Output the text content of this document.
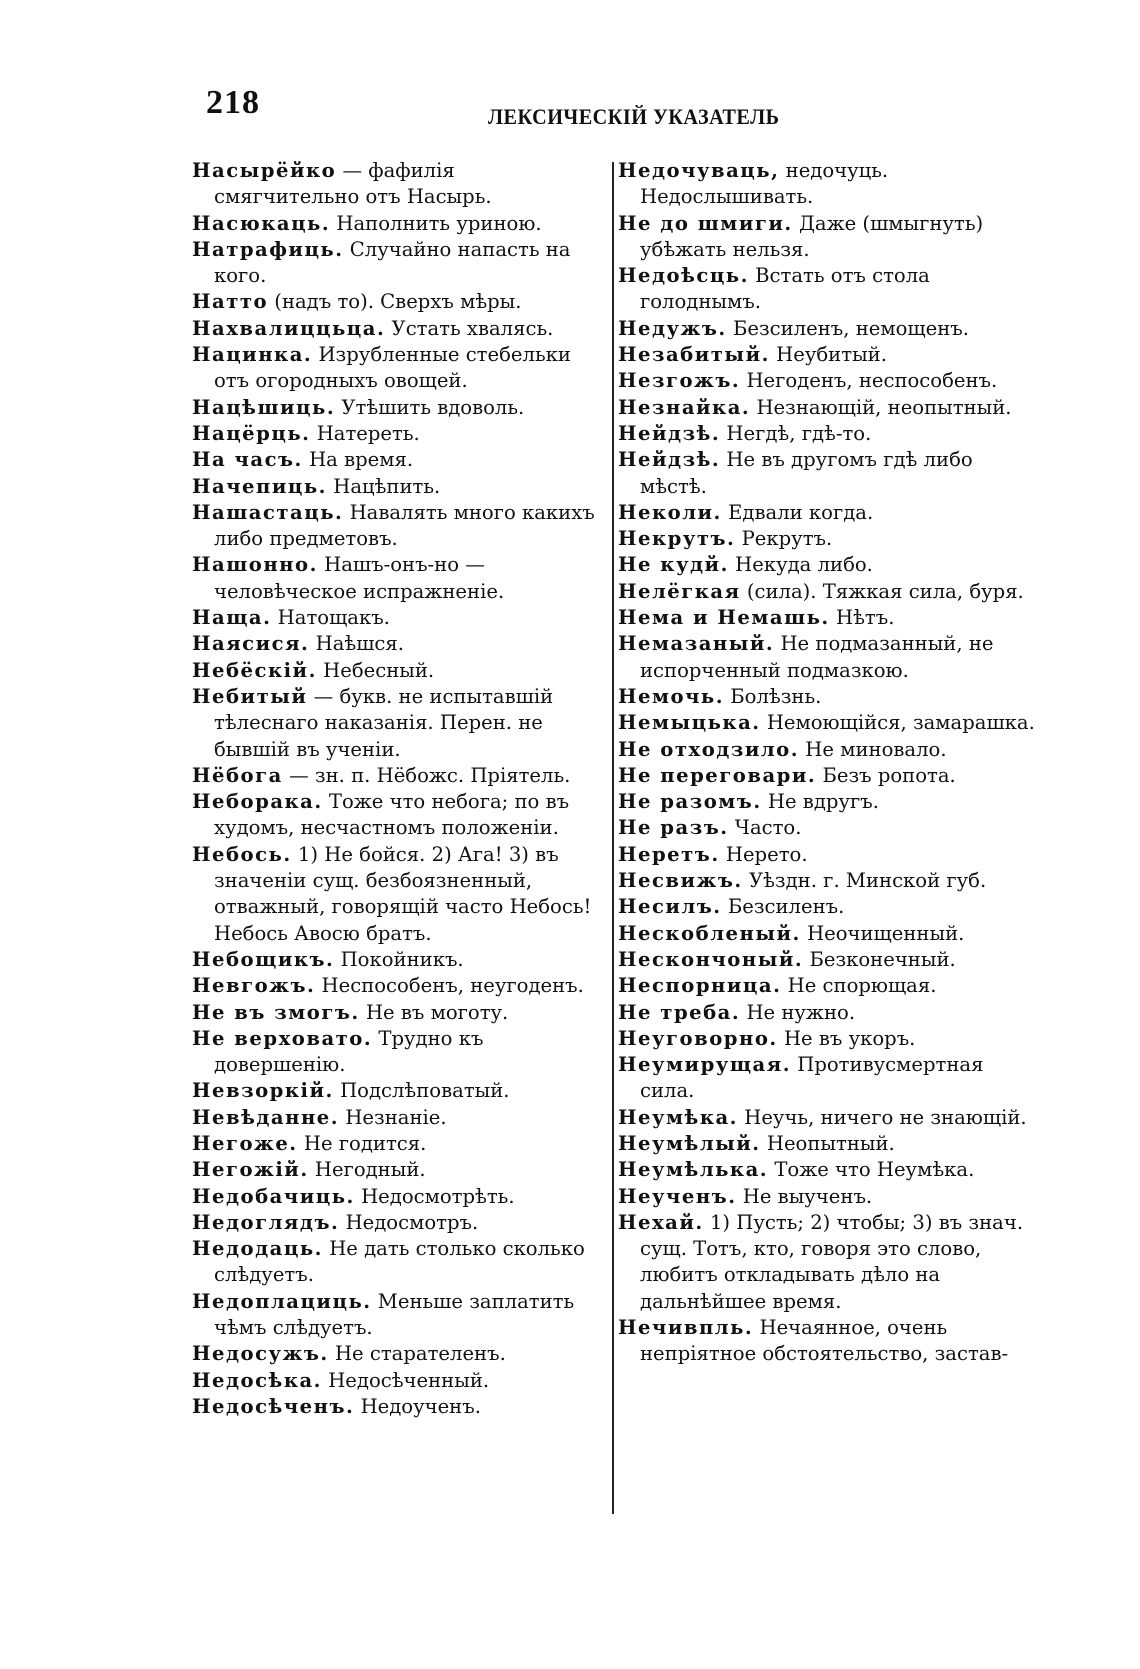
218	ЛЕКСИЧЕСКІЙ УКАЗАТЕЛЬ

Насырёйко — фафилія смягчительно отъ Насырь.

Насюкаць. Наполнить уриною.

Натрафиць. Случайно напасть на кого.

Натто (надъ то). Сверхъ мѣры.

Нахвалиццьца. Устать хвалясь.

Нацинка. Изрубленные стебельки отъ огородныхъ овощей.

Нацѣшиць. Утѣшить вдоволь.

Нацёрць. Натереть.

На часъ. На время.

Начепиць. Нацѣпить.

Нашастаць. Навалять много какихъ либо предметовъ.

Нашонно. Нашъ-онъ-но — человѣческое испражненіе.

Наща. Натощакъ.

Наясися. Наѣшся.

Небёскій. Небесный.

Небитый — букв. не испытавшій тѣлеснаго наказанія. Перен. не бывшій въ ученіи.

Нёбога — зн. п. Нёбожс. Пріятель.

Неборака. Тоже что небога; по въ худомъ, несчастномъ положеніи.

Небось. 1) Не бойся. 2) Ага! 3) въ значеніи сущ. безбоязненный, отважный, говорящій часто Небось! Небось Авосю братъ.

Небощикъ. Покойникъ.

Невгожъ. Неспособенъ, неугоденъ.

Не въ змогъ. Не въ моготу.

Не верховато. Трудно къ довершенію.

Невзоркій. Подслѣповатый.

Невѣданне. Незнаніе.

Негоже. Не годится.

Негожій. Негодный.

Недобачиць. Недосмотрѣть.

Недоглядъ. Недосмотръ.

Недодаць. Не дать столько сколько слѣдуетъ.

Недоплациць. Меньше заплатить чѣмъ слѣдуетъ.

Недосужъ. Не старателенъ.

Недосѣка. Недосѣченный.

Недосѣченъ. Недоученъ.

Недочуваць, недочуць. Недослышивать.

Не до шмиги. Даже (шмыгнуть) убѣжать нельзя.

Недоѣсць. Встать отъ стола голоднымъ.

Недужъ. Безсиленъ, немощенъ.

Незабитый. Неубитый.

Незгожъ. Негоденъ, неспособенъ.

Незнайка. Незнающій, неопытный.

Нейдзѣ. Негдѣ, гдѣ-то.

Нейдзѣ. Не въ другомъ гдѣ либо мѣстѣ.

Неколи. Едвали когда.

Некрутъ. Рекрутъ.

Не кудй. Некуда либо.

Нелёгкая (сила). Тяжкая сила, буря.

Нема и Немашь. Нѣтъ.

Немазаный. Не подмазанный, не испорченный подмазкою.

Немочь. Болѣзнь.

Немыцька. Немоющійся, замарашка.

Не отходзило. Не миновало.

Не переговари. Безъ ропота.

Не разомъ. Не вдругъ.

Не разъ. Часто.

Неретъ. Нерето.

Несвижъ. Уѣздн. г. Минской губ.

Несилъ. Безсиленъ.

Нескобленый. Неочищенный.

Нескончоный. Безконечный.

Неспорница. Не спорющая.

Не треба. Не нужно.

Неуговорно. Не въ укоръ.

Неумирущая. Противусмертная сила.

Неумѣка. Неучь, ничего не знающій.

Неумѣлый. Неопытный.

Неумѣлька. Тоже что Неумѣка.

Неученъ. Не выученъ.

Нехай. 1) Пусть; 2) чтобы; 3) въ знач. сущ. Тотъ, кто, говоря это слово, любитъ откладывать дѣло на дальнѣйшее время.

Нечивпль. Нечаянное, очень непріятное обстоятельство, застав-
